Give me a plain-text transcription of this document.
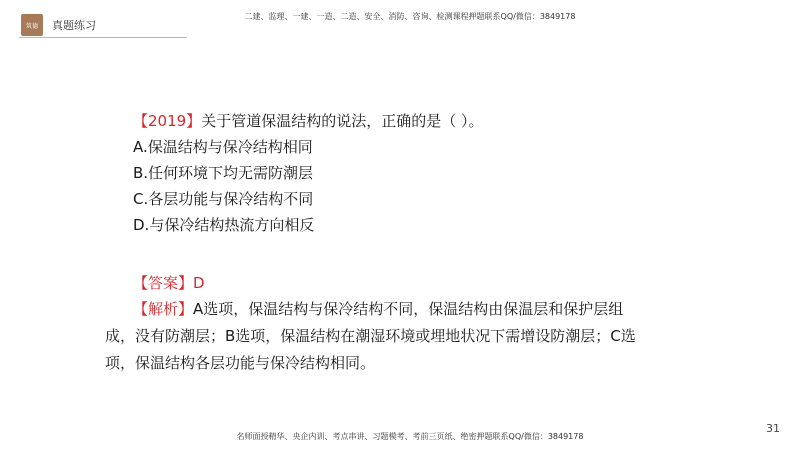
筑德 真题练习
二建、监理、一建、一造、二造、安全、消防、咨询、检测课程押题联系QQ/微信：3849178
【2019】关于管道保温结构的说法，正确的是（ ）。
A.保温结构与保冷结构相同
B.任何环境下均无需防潮层
C.各层功能与保冷结构不同
D.与保冷结构热流方向相反
【答案】D
【解析】A选项，保温结构与保冷结构不同，保温结构由保温层和保护层组成，没有防潮层；B选项，保温结构在潮湿环境或埋地状况下需增设防潮层；C选项，保温结构各层功能与保冷结构相同。
31
名师面授精华、央企内训、考点串讲、习题模考、考前三页纸、绝密押题联系QQ/微信：3849178
